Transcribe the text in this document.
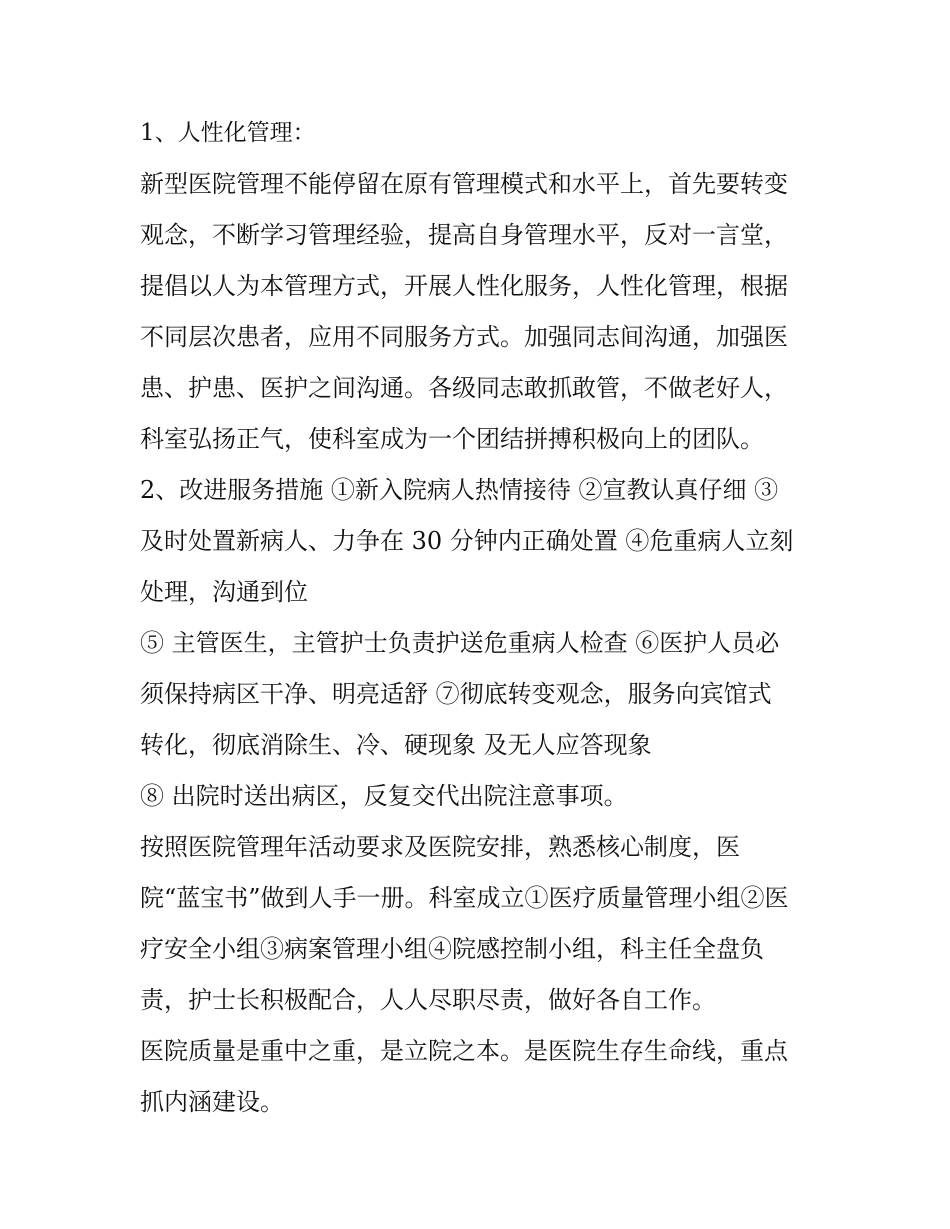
1、人性化管理：
新型医院管理不能停留在原有管理模式和水平上，首先要转变
观念，不断学习管理经验，提高自身管理水平，反对一言堂，
提倡以人为本管理方式，开展人性化服务，人性化管理，根据
不同层次患者，应用不同服务方式。加强同志间沟通，加强医
患、护患、医护之间沟通。各级同志敢抓敢管，不做老好人，
科室弘扬正气，使科室成为一个团结拼搏积极向上的团队。
2、改进服务措施 ①新入院病人热情接待 ②宣教认真仔细 ③
及时处置新病人、力争在 30 分钟内正确处置 ④危重病人立刻
处理，沟通到位
⑤ 主管医生，主管护士负责护送危重病人检查 ⑥医护人员必
须保持病区干净、明亮适舒 ⑦彻底转变观念，服务向宾馆式
转化，彻底消除生、冷、硬现象 及无人应答现象
⑧ 出院时送出病区，反复交代出院注意事项。
按照医院管理年活动要求及医院安排，熟悉核心制度，医
院“蓝宝书”做到人手一册。科室成立①医疗质量管理小组②医
疗安全小组③病案管理小组④院感控制小组，科主任全盘负
责，护士长积极配合，人人尽职尽责，做好各自工作。
医院质量是重中之重，是立院之本。是医院生存生命线，重点
抓内涵建设。
